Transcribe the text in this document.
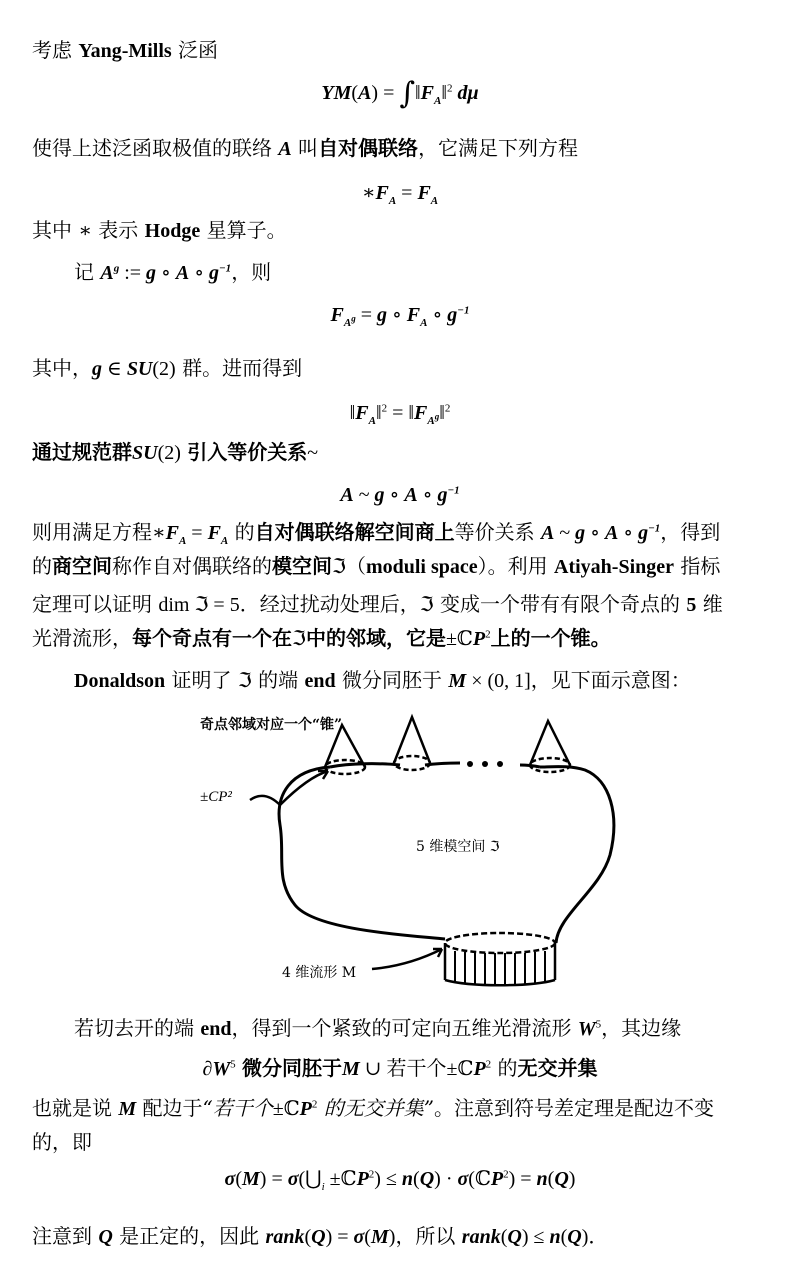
考虑 Yang-Mills 泛函
$YM(A) = \int‖F_A‖^2$ dμ
使得上述泛函取极值的联络 A 叫自对偶联络，它满足下列方程
$∗F_A = F_A$
其中 ∗ 表示 Hodge 星算子。
记 $A^g$ := g ∘ A ∘ $g^{-1}$，则
$F_{A^g} = g$ ∘ $F_A$ ∘ $g^{-1}$
其中，g ∈ SU(2) 群。进而得到
$‖F_A‖^2$ = $‖F_{A^g}‖^2$
通过规范群SU(2) 引入等价关系~
A ~ g ∘ A ∘ $g^{-1}$
则用满足方程$∗F_A = F_A$ 的自对偶联络解空间商上等价关系 A ~ g ∘ A ∘ $g^{-1}$，得到
的商空间称作自对偶联络的模空间ℑ（moduli space）。利用 Atiyah-Singer 指标
定理可以证明 dim ℑ = 5．经过扰动处理后，ℑ 变成一个带有有限个奇点的 5 维
光滑流形，每个奇点有一个在ℑ中的邻域，它是±ℂP$^2$上的一个锥。
Donaldson 证明了 ℑ 的端 end 微分同胚于 M × (0, 1]，见下面示意图：
奇点邻域对应一个“锥”
±CP²
5 维模空间 ℑ
4 维流形 M
若切去开的端 end，得到一个紧致的可定向五维光滑流形 $W^5$，其边缘
$\partial W^5$ 微分同胚于M ∪ 若干个±ℂP$^2$ 的无交并集
也就是说 M 配边于“若干个±ℂP$^2$ 的无交并集”。注意到符号差定理是配边不变
的，即
$\sigma(M) = \sigma(⋃_i$ ±ℂP$^2$) ≤ n(Q) · σ(ℂP$^2$) = n(Q)
注意到 Q 是正定的，因此 rank(Q) = σ(M)，所以 rank(Q) ≤ n(Q)．
